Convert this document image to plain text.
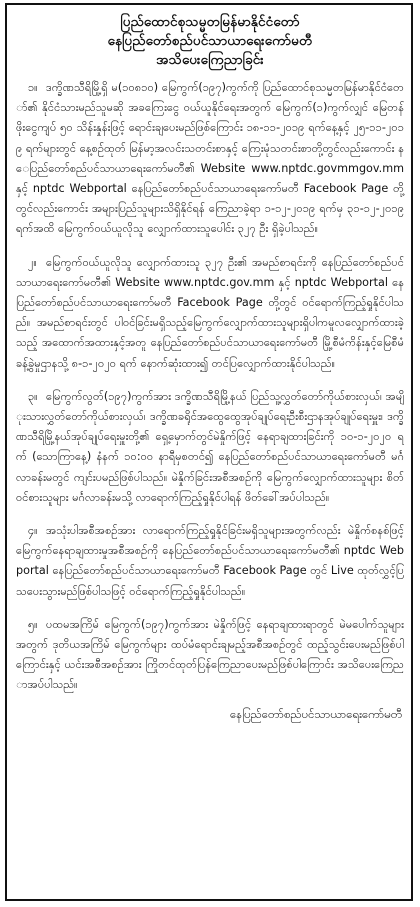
ပြည်ထောင်စုသမ္မတမြန်မာနိုင်ငံတော်
နေပြည်တော်စည်ပင်သာယာရေးကော်မတီ
အသိပေးကြေညာခြင်း

၁။ ဒက္ခိဏသီရိမြို့ရှိ မ(၁၀၈၁၀) မြေကွက်(၁၉၇)ကွက်ကို ပြည်ထောင်စုသမ္မတမြန်မာနိုင်ငံတော်၏ နိုင်ငံသားမည်သူမဆို အခကြေးငွေ ဝယ်ယူနိုင်ရေးအတွက် မြေကွက်(၁)ကွက်လျှင် မြေတန်ဖိုးငွေကျပ် ၅၀ သိန်းနှုန်းဖြင့် ရောင်းချပေးမည်ဖြစ်ကြောင်း ၁၈-၁၁-၂၀၁၉ ရက်နေ့နှင့် ၂၅-၁၁-၂၀၁၉ ရက်များတွင် နေ့စဉ်ထုတ် မြန်မာ့အလင်းသတင်းစာနှင့် ကြေးမုံသတင်းစာတို့တွင်လည်းကောင်း နေပြည်တော်စည်ပင်သာယာရေးကော်မတီ၏ Website www.nptdc.govmmgov.mm နှင့် nptdc Webportal နေပြည်တော်စည်ပင်သာယာရေးကော်မတီ Facebook Page တို့တွင်လည်းကောင်း အများပြည်သူများသိရှိနိုင်ရန် ကြေညာခဲ့ရာ ၁-၁၂-၂၀၁၉ ရက်မှ ၃၁-၁၂-၂၀၁၉ ရက်အထိ မြေကွက်ဝယ်ယူလိုသူ လျှောက်ထားသူပေါင်း ၃၂၇ ဦး ရှိခဲ့ပါသည်။

၂။ မြေကွက်ဝယ်ယူလိုသူ လျှောက်ထားသူ ၃၂၇ ဦး၏ အမည်စာရင်းကို နေပြည်တော်စည်ပင်သာယာရေးကော်မတီ၏ Website www.nptdc.gov.mm နှင့် nptdc Webportal နေပြည်တော်စည်ပင်သာယာရေးကော်မတီ Facebook Page တို့တွင် ဝင်ရောက်ကြည့်ရှုနိုင်ပါသည်။ အမည်စာရင်းတွင် ပါဝင်ခြင်းမရှိသည့်မြေကွက်လျှောက်ထားသူများရှိပါကမူလလျှောက်ထားခဲ့သည့် အထောက်အထားနှင့်အတူ နေပြည်တော်စည်ပင်သာယာရေးကော်မတီ မြို့စီမံကိန်းနှင့်မြေစီမံခန့်ခွဲမှုဌာနသို့ ၈-၁-၂၀၂၀ ရက် နောက်ဆုံးထား၍ တင်ပြလျှောက်ထားနိုင်ပါသည်။

၃။ မြေကွက်လွတ်(၁၉၇)ကွက်အား ဒက္ခိဏသီရိမြို့နယ် ပြည်သူ့လွှတ်တော်ကိုယ်စားလှယ်၊ အမျိုးသားလွှတ်တော်ကိုယ်စားလှယ်၊ ဒက္ခိဏခရိုင်အထွေထွေအုပ်ချုပ်ရေးဦးစီးဌာနအုပ်ချုပ်ရေးမှူး၊ ဒက္ခိဏသီရိမြို့နယ်အုပ်ချုပ်ရေးမှူးတို့၏ ရှေ့မှောက်တွင်မဲနှိုက်ဖြင့် နေရာချထားခြင်းကို ၁၀-၁-၂၀၂၀ ရက် (သောကြာနေ့) နံနက် ၁၀:၀၀ နာရီမှစတင်၍ နေပြည်တော်စည်ပင်သာယာရေးကော်မတီ မင်္ဂလာခန်းမတွင် ကျင်းပမည်ဖြစ်ပါသည်။ မဲနှိုက်ခြင်းအစီအစဉ်ကို မြေကွက်လျှောက်ထားသူများ စိတ်ဝင်စားသူများ မင်္ဂလာခန်းမသို့ လာရောက်ကြည့်ရှုနိုင်ပါရန် ဖိတ်ခေါ်အပ်ပါသည်။

၄။ အသုံးပါအစီအစဉ်အား လာရောက်ကြည့်ရှုနိုင်ခြင်းမရှိသူများအတွက်လည်း မဲနှိုက်စနစ်ဖြင့် မြေကွက်နေရာချထားမှုအစီအစဉ်ကို နေပြည်တော်စည်ပင်သာယာရေးကော်မတီ၏ nptdc Webportal နေပြည်တော်စည်ပင်သာယာရေးကော်မတီ Facebook Page တွင် Live ထုတ်လွှင့်ပြသပေးသွားမည်ဖြစ်ပါသဖြင့် ဝင်ရောက်ကြည့်ရှုနိုင်ပါသည်။

၅။ ပထမအကြိမ် မြေကွက်(၁၉၇)ကွက်အား မဲနှိုက်ဖြင့် နေရာချထားရာတွင် မဲမပေါက်သူများအတွက် ဒုတိယအကြိမ် မြေကွက်များ ထပ်မံရောင်းချမည့်အစီအစဉ်တွင် ထည့်သွင်းပေးမည်ဖြစ်ပါကြောင်းနှင့် ယင်းအစီအစဉ်အား ကြိုတင်ထုတ်ပြန်ကြေညာပေးမည်ဖြစ်ပါကြောင်း အသိပေးကြေညာအပ်ပါသည်။

နေပြည်တော်စည်ပင်သာယာရေးကော်မတီ
